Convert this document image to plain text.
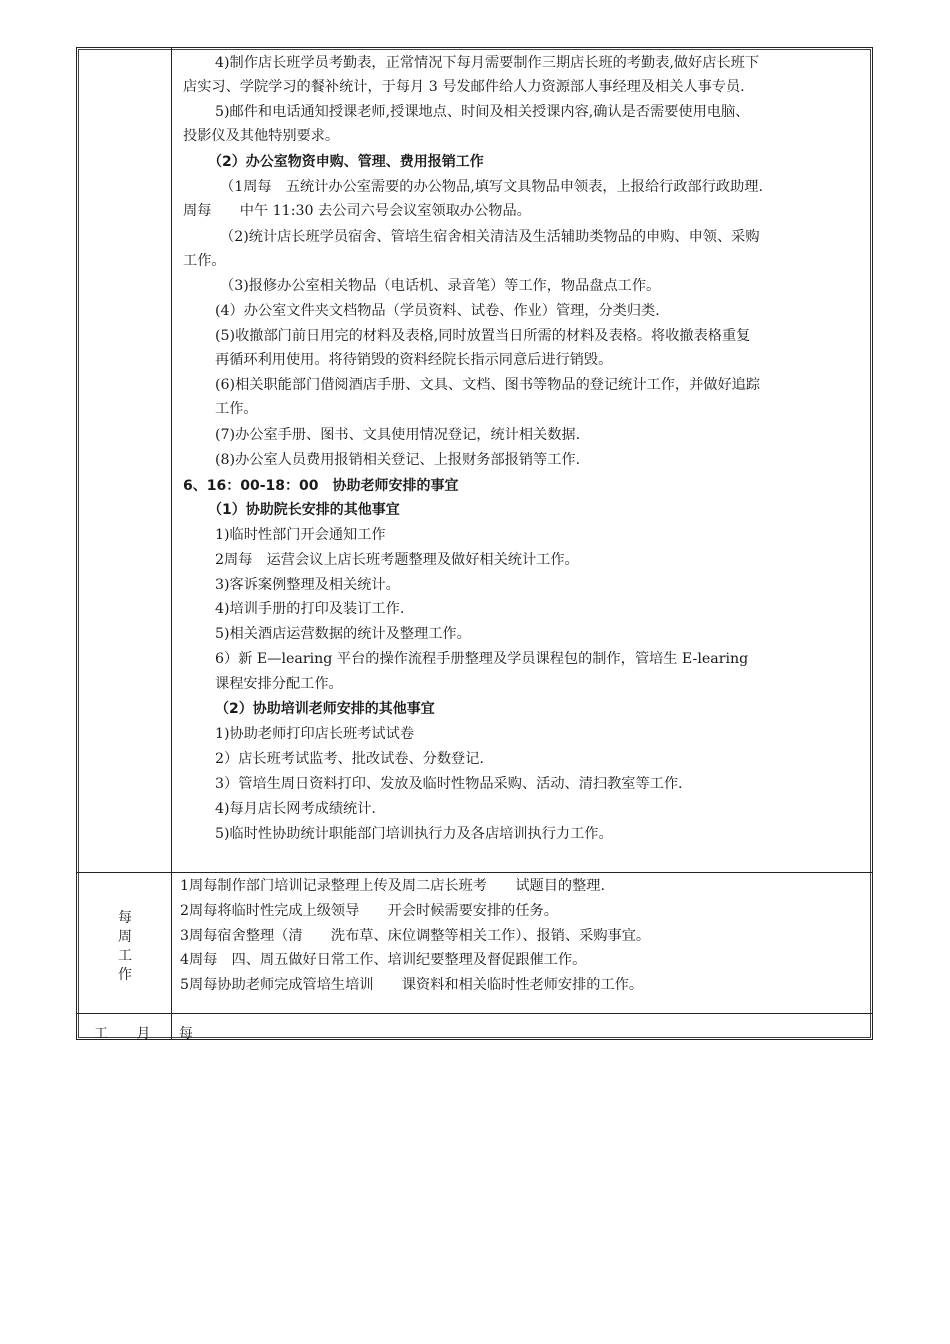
4)制作店长班学员考勤表，正常情况下每月需要制作三期店长班的考勤表,做好店长班下
店实习、学院学习的餐补统计，于每月 3 号发邮件给人力资源部人事经理及相关人事专员.
5)邮件和电话通知授课老师,授课地点、时间及相关授课内容,确认是否需要使用电脑、
投影仪及其他特别要求。
（2）办公室物资申购、管理、费用报销工作
（1周每　五统计办公室需要的办公物品,填写文具物品申领表，上报给行政部行政助理.
周每　　中午 11:30 去公司六号会议室领取办公物品。
（2)统计店长班学员宿舍、管培生宿舍相关清洁及生活辅助类物品的申购、申领、采购
工作。
（3)报修办公室相关物品（电话机、录音笔）等工作，物品盘点工作。
(4）办公室文件夹文档物品（学员资料、试卷、作业）管理，分类归类.
(5)收撤部门前日用完的材料及表格,同时放置当日所需的材料及表格。将收撤表格重复
再循环利用使用。将待销毁的资料经院长指示同意后进行销毁。
(6)相关职能部门借阅酒店手册、文具、文档、图书等物品的登记统计工作，并做好追踪
工作。
(7)办公室手册、图书、文具使用情况登记，统计相关数据.
(8)办公室人员费用报销相关登记、上报财务部报销等工作.
6、16：00-18：00　协助老师安排的事宜
（1）协助院长安排的其他事宜
1)临时性部门开会通知工作
2周每　运营会议上店长班考题整理及做好相关统计工作。
3)客诉案例整理及相关统计。
4)培训手册的打印及装订工作.
5)相关酒店运营数据的统计及整理工作。
6）新 E—learing 平台的操作流程手册整理及学员课程包的制作，管培生 E-learing
课程安排分配工作。
（2）协助培训老师安排的其他事宜
1)协助老师打印店长班考试试卷
2）店长班考试监考、批改试卷、分数登记.
3）管培生周日资料打印、发放及临时性物品采购、活动、清扫教室等工作.
4)每月店长网考成绩统计.
5)临时性协助统计职能部门培训执行力及各店培训执行力工作。
每
周
工
作
1周每制作部门培训记录整理上传及周二店长班考　　试题目的整理.
2周每将临时性完成上级领导　　开会时候需要安排的任务。
3周每宿舍整理（清　　洗布草、床位调整等相关工作）、报销、采购事宜。
4周每　四、周五做好日常工作、培训纪要整理及督促跟催工作。
5周每协助老师完成管培生培训　　课资料和相关临时性老师安排的工作。
工 月 每
